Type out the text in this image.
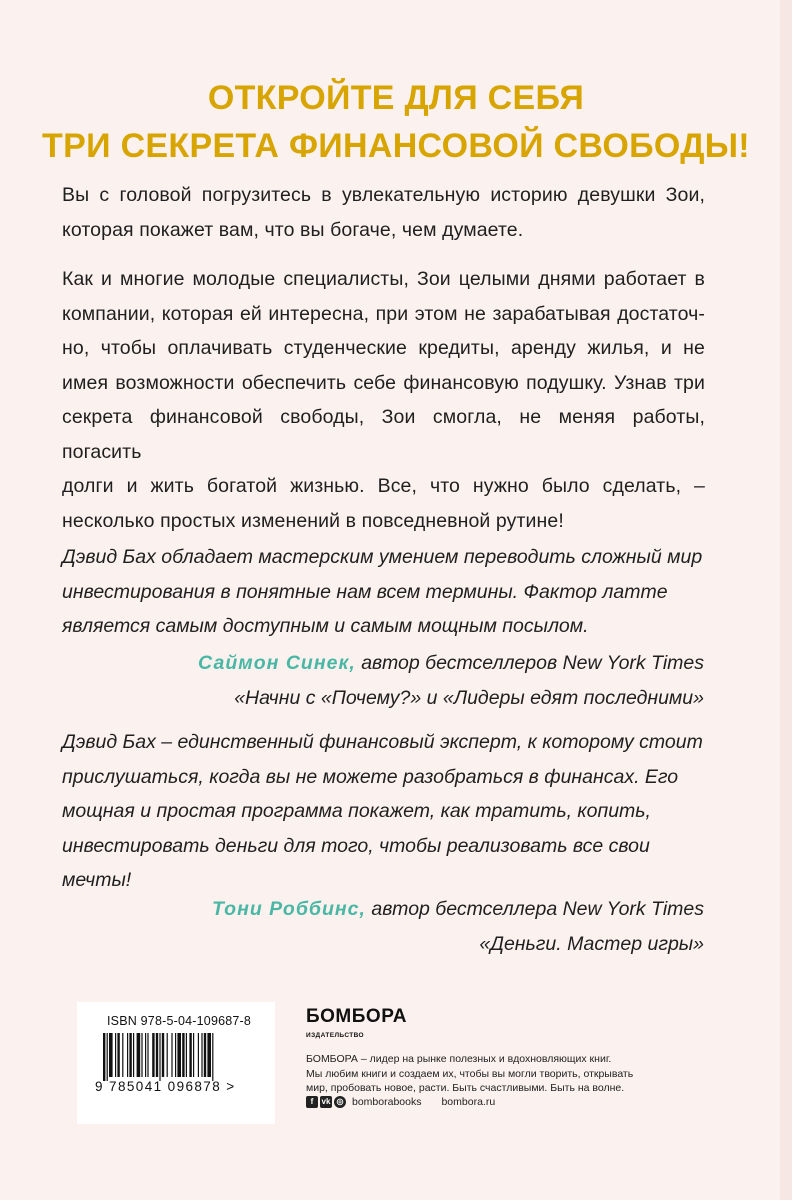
ОТКРОЙТЕ ДЛЯ СЕБЯ
ТРИ СЕКРЕТА ФИНАНСОВОЙ СВОБОДЫ!
Вы с головой погрузитесь в увлекательную историю девушки Зои,
которая покажет вам, что вы богаче, чем думаете.
Как и многие молодые специалисты, Зои целыми днями работает в
компании, которая ей интересна, при этом не зарабатывая достаточ-
но, чтобы оплачивать студенческие кредиты, аренду жилья, и не
имея возможности обеспечить себе финансовую подушку. Узнав три
секрета финансовой свободы, Зои смогла, не меняя работы, погасить
долги и жить богатой жизнью. Все, что нужно было сделать, –
несколько простых изменений в повседневной рутине!
Дэвид Бах обладает мастерским умением переводить сложный мир
инвестирования в понятные нам всем термины. Фактор латте
является самым доступным и самым мощным посылом.
Саймон Синек, автор бестселлеров New York Times
«Начни с «Почему?» и «Лидеры едят последними»
Дэвид Бах – единственный финансовый эксперт, к которому стоит
прислушаться, когда вы не можете разобраться в финансах. Его
мощная и простая программа покажет, как тратить, копить,
инвестировать деньги для того, чтобы реализовать все свои
мечты!
Тони Роббинс, автор бестселлера New York Times
«Деньги. Мастер игры»
ISBN 978-5-04-109687-8
9 785041 096878 >
БОМБОРА
ИЗДАТЕЛЬСТВО
БОМБОРА – лидер на рынке полезных и вдохновляющих книг.
Мы любим книги и создаем их, чтобы вы могли творить, открывать
мир, пробовать новое, расти. Быть счастливыми. Быть на волне.
f	vk ◎ bomborabooks bombora.ru
